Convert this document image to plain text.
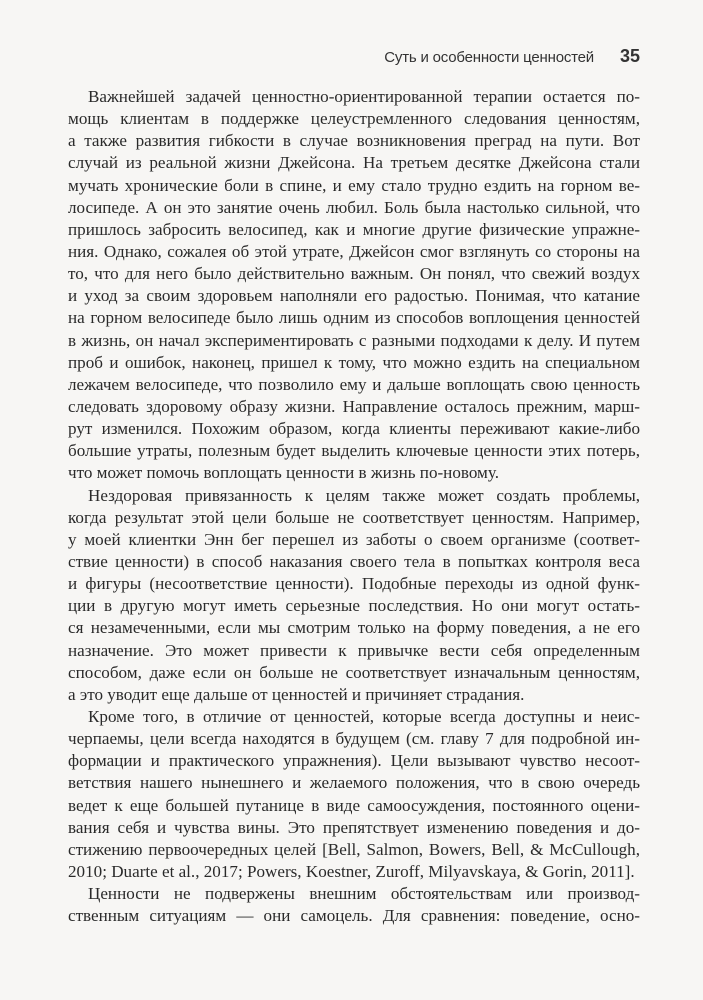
Суть и особенности ценностей 35
Важнейшей задачей ценностно-ориентированной терапии остается по-
мощь клиентам в поддержке целеустремленного следования ценностям,
а также развития гибкости в случае возникновения преград на пути. Вот
случай из реальной жизни Джейсона. На третьем десятке Джейсона стали
мучать хронические боли в спине, и ему стало трудно ездить на горном ве-
лосипеде. А он это занятие очень любил. Боль была настолько сильной, что
пришлось забросить велосипед, как и многие другие физические упражне-
ния. Однако, сожалея об этой утрате, Джейсон смог взглянуть со стороны на
то, что для него было действительно важным. Он понял, что свежий воздух
и уход за своим здоровьем наполняли его радостью. Понимая, что катание
на горном велосипеде было лишь одним из способов воплощения ценностей
в жизнь, он начал экспериментировать с разными подходами к делу. И путем
проб и ошибок, наконец, пришел к тому, что можно ездить на специальном
лежачем велосипеде, что позволило ему и дальше воплощать свою ценность
следовать здоровому образу жизни. Направление осталось прежним, марш-
рут изменился. Похожим образом, когда клиенты переживают какие-либо
большие утраты, полезным будет выделить ключевые ценности этих потерь,
что может помочь воплощать ценности в жизнь по-новому.
Нездоровая привязанность к целям также может создать проблемы,
когда результат этой цели больше не соответствует ценностям. Например,
у моей клиентки Энн бег перешел из заботы о своем организме (соответ-
ствие ценности) в способ наказания своего тела в попытках контроля веса
и фигуры (несоответствие ценности). Подобные переходы из одной функ-
ции в другую могут иметь серьезные последствия. Но они могут остать-
ся незамеченными, если мы смотрим только на форму поведения, а не его
назначение. Это может привести к привычке вести себя определенным
способом, даже если он больше не соответствует изначальным ценностям,
а это уводит еще дальше от ценностей и причиняет страдания.
Кроме того, в отличие от ценностей, которые всегда доступны и неис-
черпаемы, цели всегда находятся в будущем (см. главу 7 для подробной ин-
формации и практического упражнения). Цели вызывают чувство несоот-
ветствия нашего нынешнего и желаемого положения, что в свою очередь
ведет к еще большей путанице в виде самоосуждения, постоянного оцени-
вания себя и чувства вины. Это препятствует изменению поведения и до-
стижению первоочередных целей [Bell, Salmon, Bowers, Bell, & McCullough,
2010; Duarte et al., 2017; Powers, Koestner, Zuroff, Milyavskaya, & Gorin, 2011].
Ценности не подвержены внешним обстоятельствам или производ-
ственным ситуациям — они самоцель. Для сравнения: поведение, осно-
